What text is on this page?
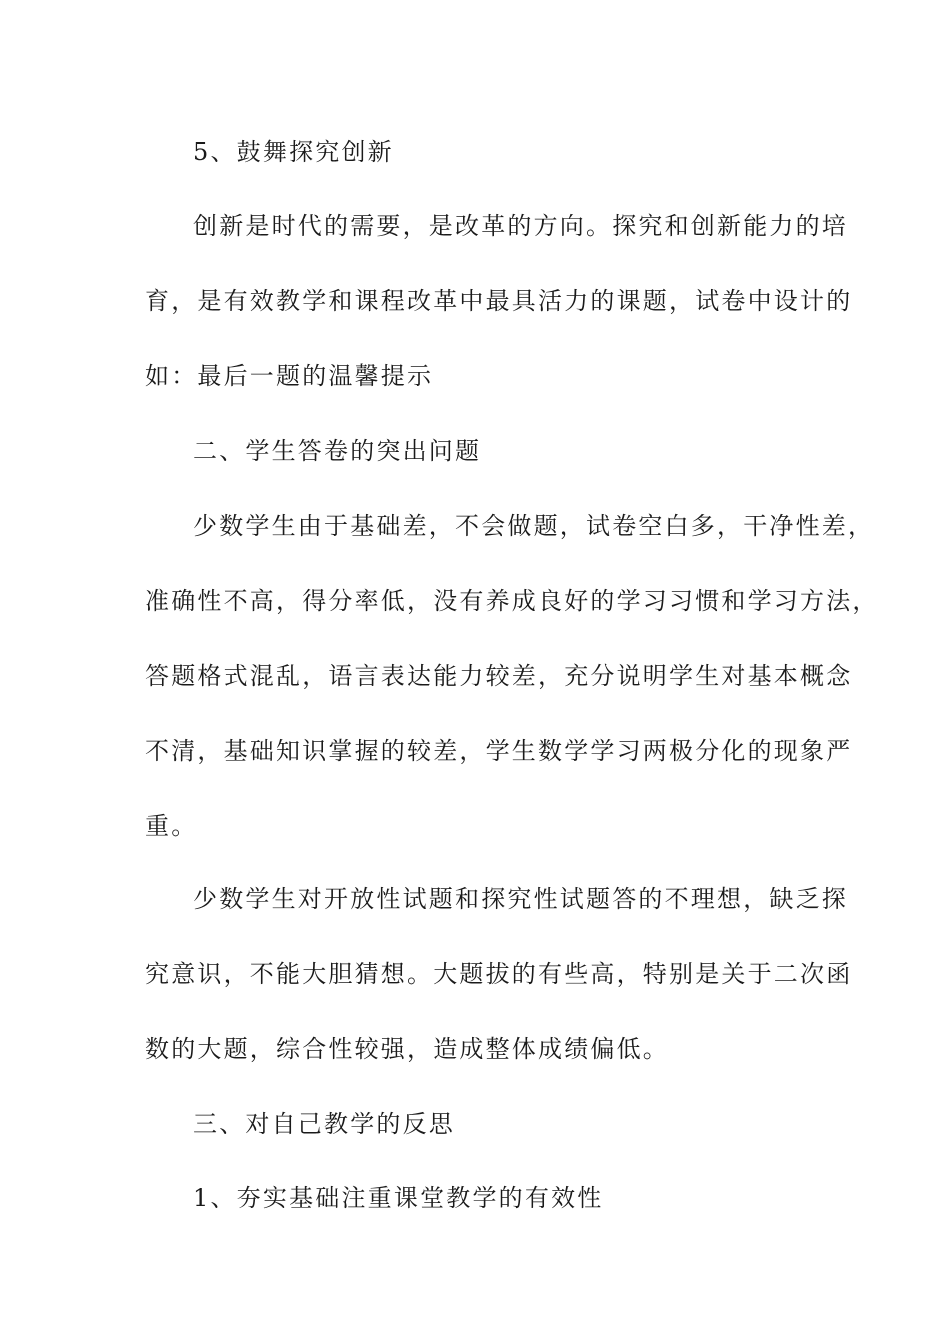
5、鼓舞探究创新
创新是时代的需要，是改革的方向。探究和创新能力的培
育，是有效教学和课程改革中最具活力的课题，试卷中设计的
如：最后一题的温馨提示
二、学生答卷的突出问题
少数学生由于基础差，不会做题，试卷空白多，干净性差，
准确性不高，得分率低，没有养成良好的学习习惯和学习方法，
答题格式混乱，语言表达能力较差，充分说明学生对基本概念
不清，基础知识掌握的较差，学生数学学习两极分化的现象严
重。
少数学生对开放性试题和探究性试题答的不理想，缺乏探
究意识，不能大胆猜想。大题拔的有些高，特别是关于二次函
数的大题，综合性较强，造成整体成绩偏低。
三、对自己教学的反思
1、夯实基础注重课堂教学的有效性
